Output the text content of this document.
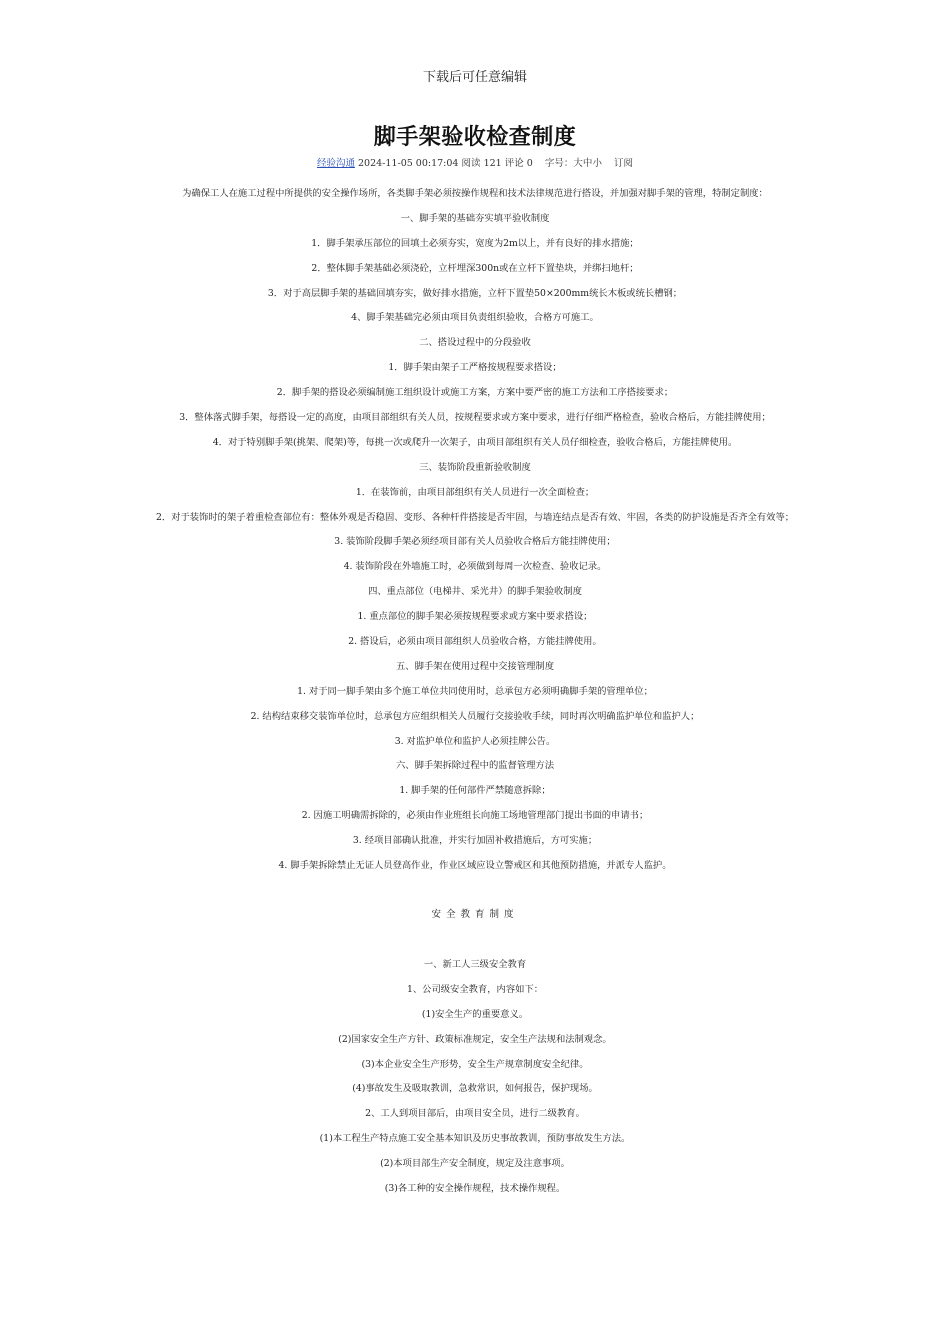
下载后可任意编辑
脚手架验收检查制度
经验沟通 2024-11-05 00:17:04 阅读 121 评论 0 字号：大中小 订阅
为确保工人在施工过程中所提供的安全操作场所，各类脚手架必须按操作规程和技术法律规范进行搭设，并加强对脚手架的管理，特制定制度：
一、脚手架的基础夯实填平验收制度
1．脚手架承压部位的回填土必须夯实，宽度为2m以上，并有良好的排水措施；
2．整体脚手架基础必须浇砼，立杆埋深300n或在立杆下置垫块，并绑扫地杆；
3．对于高层脚手架的基础回填夯实，做好排水措施，立杆下置垫50×200mm统长木板或统长槽钢；
4、脚手架基础完必须由项目负责组织验收，合格方可施工。
二、搭设过程中的分段验收
1．脚手架由架子工严格按规程要求搭设；
2．脚手架的搭设必须编制施工组织设计或施工方案，方案中要严密的施工方法和工序搭接要求；
3．整体落式脚手架，每搭设一定的高度，由项目部组织有关人员，按规程要求或方案中要求，进行仔细严格检查，验收合格后，方能挂牌使用；
4．对于特别脚手架(挑架、爬架)等，每挑一次或爬升一次架子，由项目部组织有关人员仔细检查，验收合格后，方能挂牌使用。
三、装饰阶段重新验收制度
1．在装饰前，由项目部组织有关人员进行一次全面检查；
2．对于装饰时的架子着重检查部位有：整体外观是否稳固、变形、各种杆件搭接是否牢固，与墙连结点是否有效、牢固，各类的防护设施是否齐全有效等；
3. 装饰阶段脚手架必须经项目部有关人员验收合格后方能挂牌使用；
4. 装饰阶段在外墙施工时，必须做到每周一次检查、验收记录。
四、重点部位（电梯井、采光井）的脚手架验收制度
1. 重点部位的脚手架必须按规程要求或方案中要求搭设；
2. 搭设后，必须由项目部组织人员验收合格，方能挂牌使用。
五、脚手架在使用过程中交接管理制度
1. 对于同一脚手架由多个施工单位共同使用时，总承包方必须明确脚手架的管理单位；
2. 结构结束移交装饰单位时，总承包方应组织相关人员履行交接验收手续，同时再次明确监护单位和监护人；
3. 对监护单位和监护人必须挂牌公告。
六、脚手架拆除过程中的监督管理方法
1. 脚手架的任何部件严禁随意拆除；
2. 因施工明确需拆除的，必须由作业班组长向施工场地管理部门提出书面的申请书；
3. 经项目部确认批准，并实行加固补救措施后，方可实施；
4. 脚手架拆除禁止无证人员登高作业，作业区域应设立警戒区和其他预防措施，并派专人监护。
安全教育制度
一、新工人三级安全教育
1、公司级安全教育，内容如下：
(1)安全生产的重要意义。
(2)国家安全生产方针、政策标准规定，安全生产法规和法制观念。
(3)本企业安全生产形势，安全生产规章制度安全纪律。
(4)事故发生及吸取教训，急救常识，如何报告，保护现场。
2、工人到项目部后，由项目安全员，进行二级教育。
(1)本工程生产特点施工安全基本知识及历史事故教训，预防事故发生方法。
(2)本项目部生产安全制度，规定及注意事项。
(3)各工种的安全操作规程，技术操作规程。
